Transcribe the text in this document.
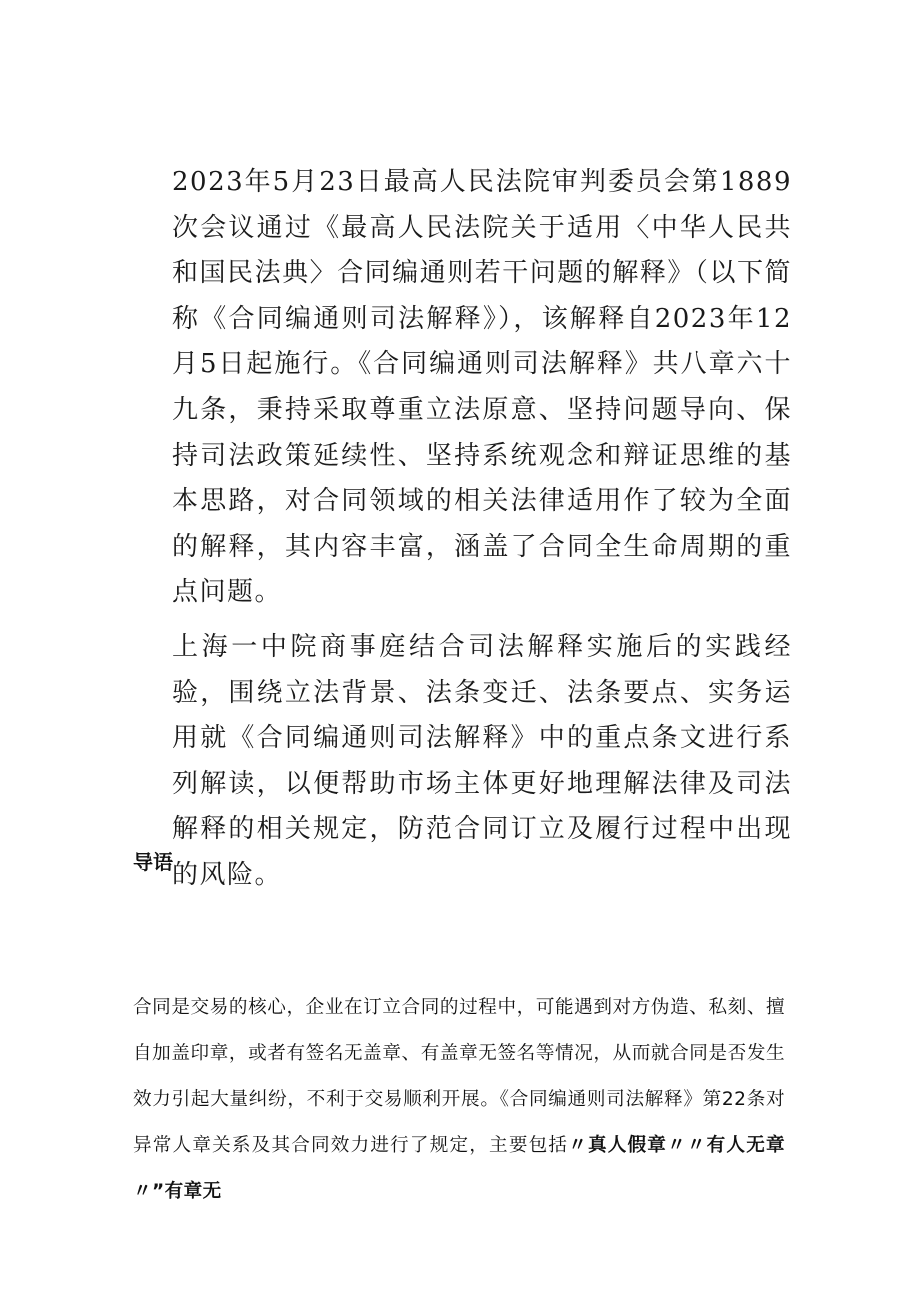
2023年5月23日最高人民法院审判委员会第1889次会议通过《最高人民法院关于适用〈中华人民共和国民法典〉合同编通则若干问题的解释》（以下简称《合同编通则司法解释》），该解释自2023年12月5日起施行。《合同编通则司法解释》共八章六十九条，秉持采取尊重立法原意、坚持问题导向、保持司法政策延续性、坚持系统观念和辩证思维的基本思路，对合同领域的相关法律适用作了较为全面的解释，其内容丰富，涵盖了合同全生命周期的重点问题。

上海一中院商事庭结合司法解释实施后的实践经验，围绕立法背景、法条变迁、法条要点、实务运用就《合同编通则司法解释》中的重点条文进行系列解读，以便帮助市场主体更好地理解法律及司法解释的相关规定，防范合同订立及履行过程中出现的风险。

导语

合同是交易的核心，企业在订立合同的过程中，可能遇到对方伪造、私刻、擅自加盖印章，或者有签名无盖章、有盖章无签名等情况，从而就合同是否发生效力引起大量纠纷，不利于交易顺利开展。《合同编通则司法解释》第22条对异常人章关系及其合同效力进行了规定，主要包括〃真人假章〃〃有人无章〃”有章无
